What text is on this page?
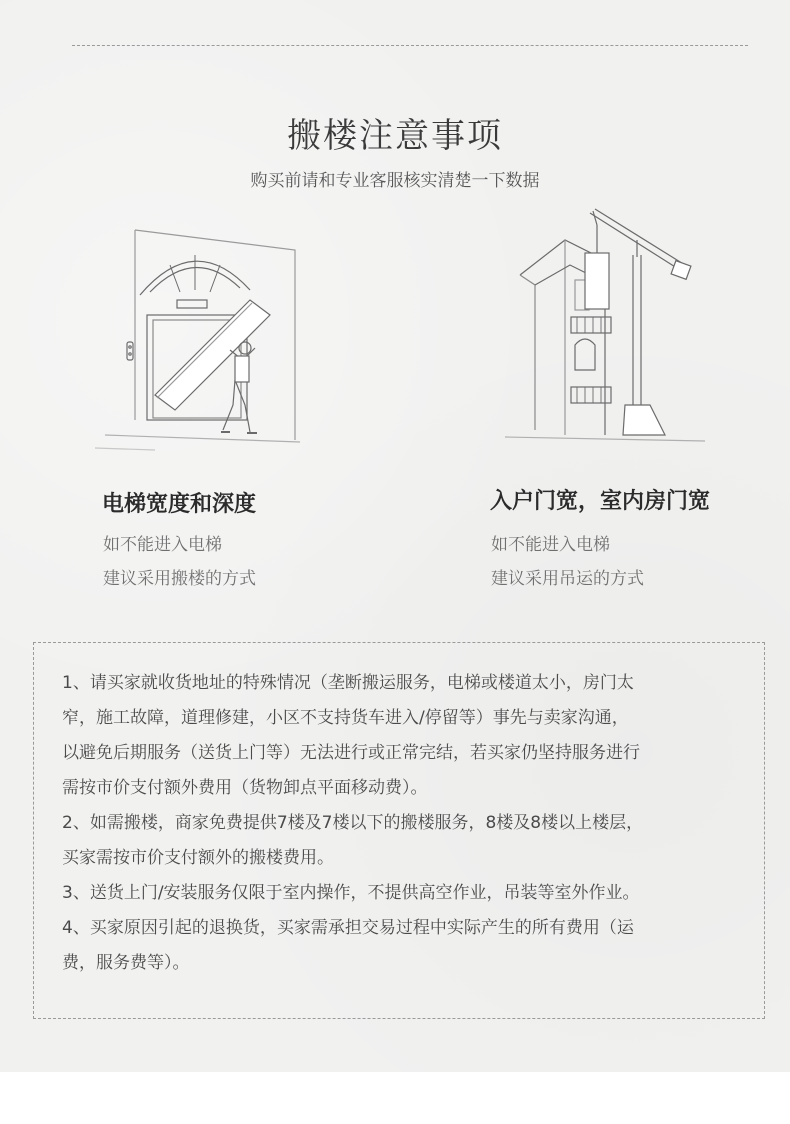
搬楼注意事项
购买前请和专业客服核实清楚一下数据
电梯宽度和深度
如不能进入电梯
建议采用搬楼的方式
入户门宽，室内房门宽
如不能进入电梯
建议采用吊运的方式
1、请买家就收货地址的特殊情况（垄断搬运服务，电梯或楼道太小，房门太
窄，施工故障，道理修建，小区不支持货车进入/停留等）事先与卖家沟通，
以避免后期服务（送货上门等）无法进行或正常完结，若买家仍坚持服务进行
需按市价支付额外费用（货物卸点平面移动费）。
2、如需搬楼，商家免费提供7楼及7楼以下的搬楼服务，8楼及8楼以上楼层，
买家需按市价支付额外的搬楼费用。
3、送货上门/安装服务仅限于室内操作，不提供高空作业，吊装等室外作业。
4、买家原因引起的退换货，买家需承担交易过程中实际产生的所有费用（运
费，服务费等）。
